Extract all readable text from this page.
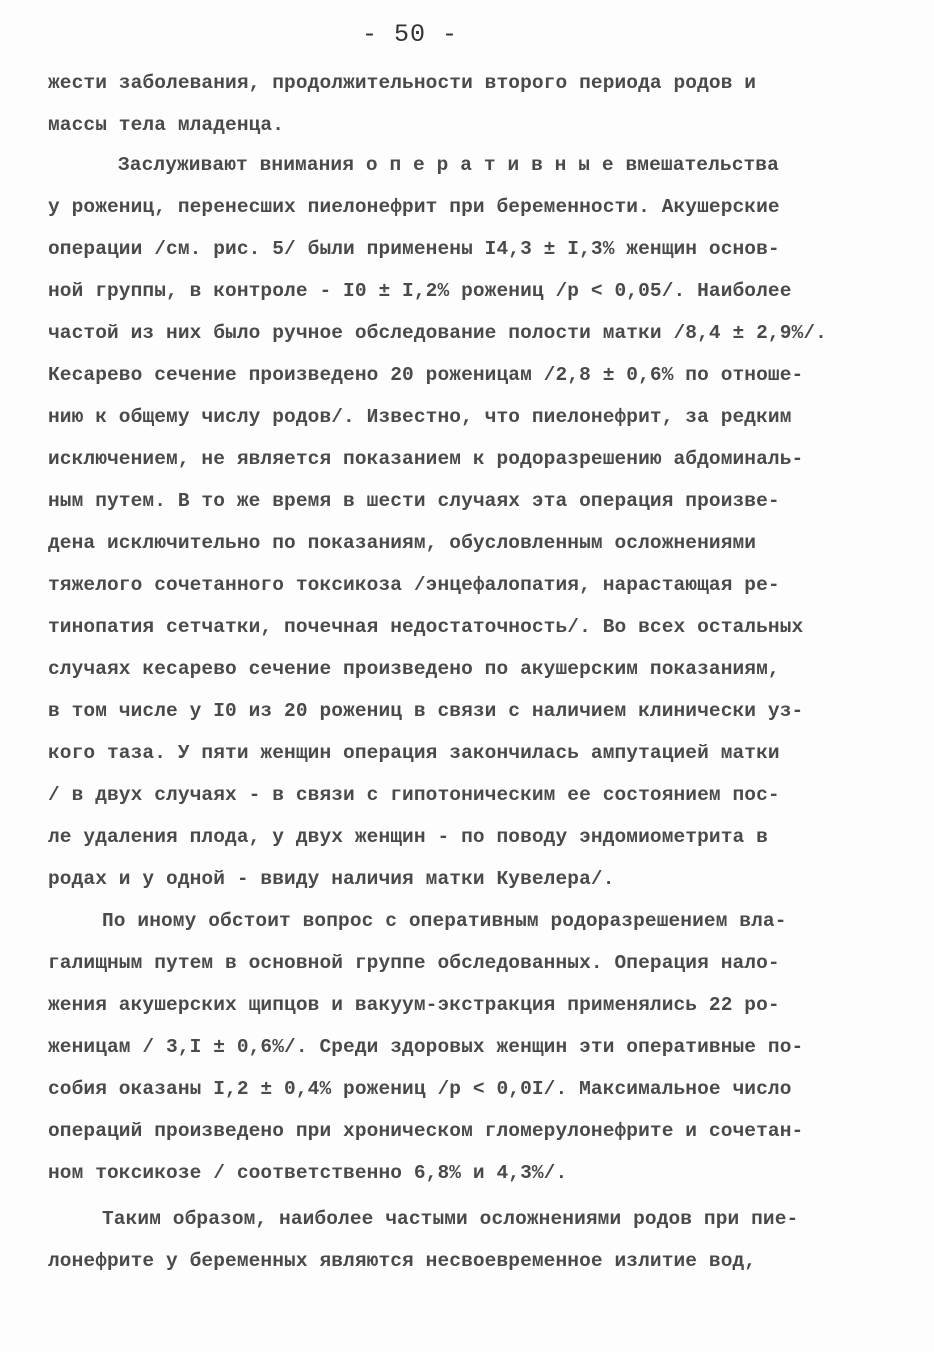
- 50 -
жести заболевания, продолжительности второго периода родов и
массы тела младенца.
Заслуживают внимания о п е р а т и в н ы е вмешательства
у рожениц, перенесших пиелонефрит при беременности. Акушерские
операции /см. рис. 5/ были применены I4,3 ± I,3% женщин основ-
ной группы, в контроле - I0 ± I,2% рожениц /р < 0,05/. Наиболее
частой из них было ручное обследование полости матки /8,4 ± 2,9%/.
Кесарево сечение произведено 20 роженицам /2,8 ± 0,6% по отноше-
нию к общему числу родов/. Известно, что пиелонефрит, за редким
исключением, не является показанием к родоразрешению абдоминаль-
ным путем. В то же время в шести случаях эта операция произве-
дена исключительно по показаниям, обусловленным осложнениями
тяжелого сочетанного токсикоза /энцефалопатия, нарастающая ре-
тинопатия сетчатки, почечная недостаточность/. Во всех остальных
случаях кесарево сечение произведено по акушерским показаниям,
в том числе у I0 из 20 рожениц в связи с наличием клинически уз-
кого таза. У пяти женщин операция закончилась ампутацией матки
/ в двух случаях - в связи с гипотоническим ее состоянием пос-
ле удаления плода, у двух женщин - по поводу эндомиометрита в
родах и у одной - ввиду наличия матки Кувелера/.
По иному обстоит вопрос с оперативным родоразрешением вла-
галищным путем в основной группе обследованных. Операция нало-
жения акушерских щипцов и вакуум-экстракция применялись 22 ро-
женицам / 3,I ± 0,6%/. Среди здоровых женщин эти оперативные по-
собия оказаны I,2 ± 0,4% рожениц /р < 0,0I/. Максимальное число
операций произведено при хроническом гломерулонефрите и сочетан-
ном токсикозе / соответственно 6,8% и 4,3%/.
Таким образом, наиболее частыми осложнениями родов при пие-
лонефрите у беременных являются несвоевременное излитие вод,
